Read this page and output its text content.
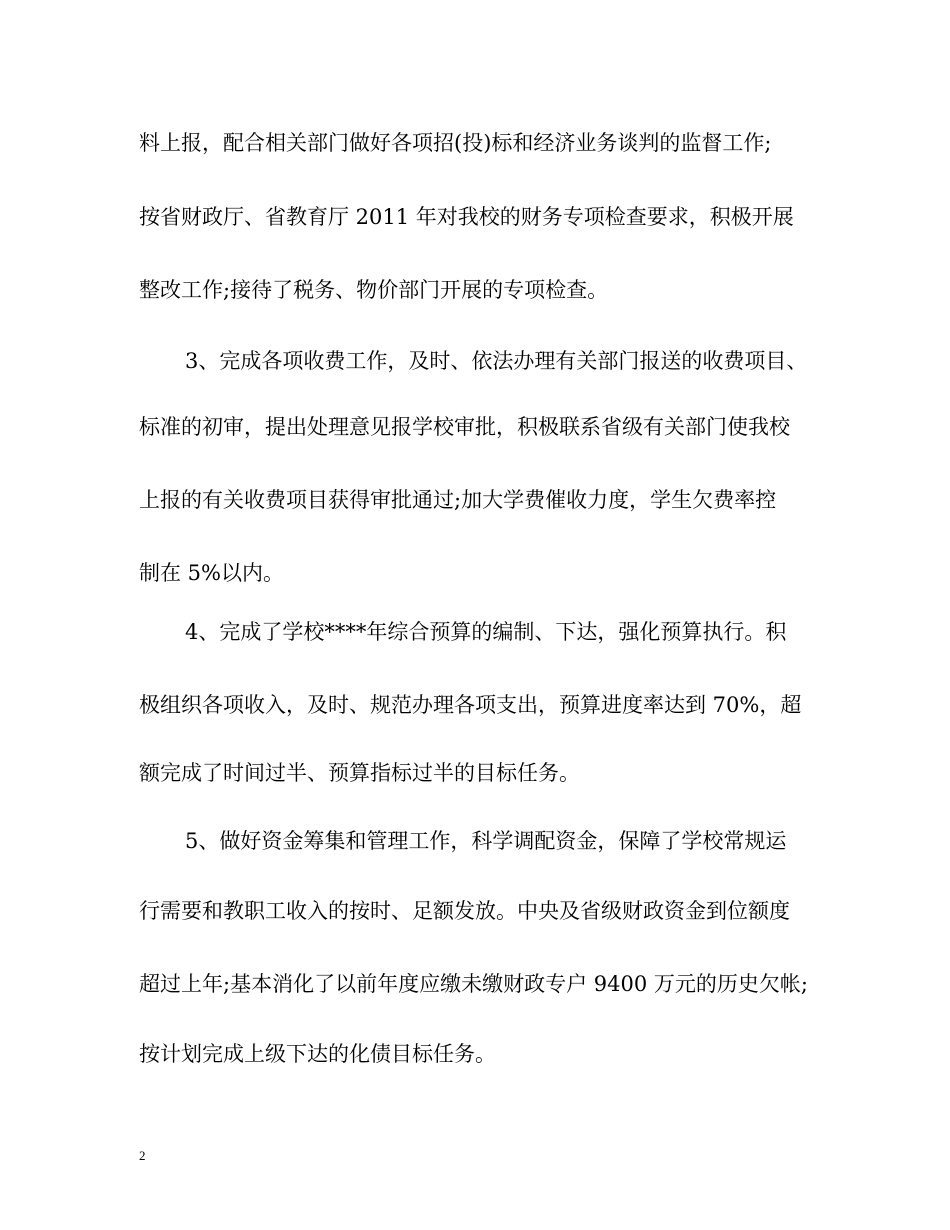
料上报，配合相关部门做好各项招(投)标和经济业务谈判的监督工作;
按省财政厅、省教育厅 2011 年对我校的财务专项检查要求，积极开展
整改工作;接待了税务、物价部门开展的专项检查。
3、完成各项收费工作，及时、依法办理有关部门报送的收费项目、
标准的初审，提出处理意见报学校审批，积极联系省级有关部门使我校
上报的有关收费项目获得审批通过;加大学费催收力度，学生欠费率控
制在 5%以内。
4、完成了学校****年综合预算的编制、下达，强化预算执行。积
极组织各项收入，及时、规范办理各项支出，预算进度率达到 70%，超
额完成了时间过半、预算指标过半的目标任务。
5、做好资金筹集和管理工作，科学调配资金，保障了学校常规运
行需要和教职工收入的按时、足额发放。中央及省级财政资金到位额度
超过上年;基本消化了以前年度应缴未缴财政专户 9400 万元的历史欠帐;
按计划完成上级下达的化债目标任务。
2
